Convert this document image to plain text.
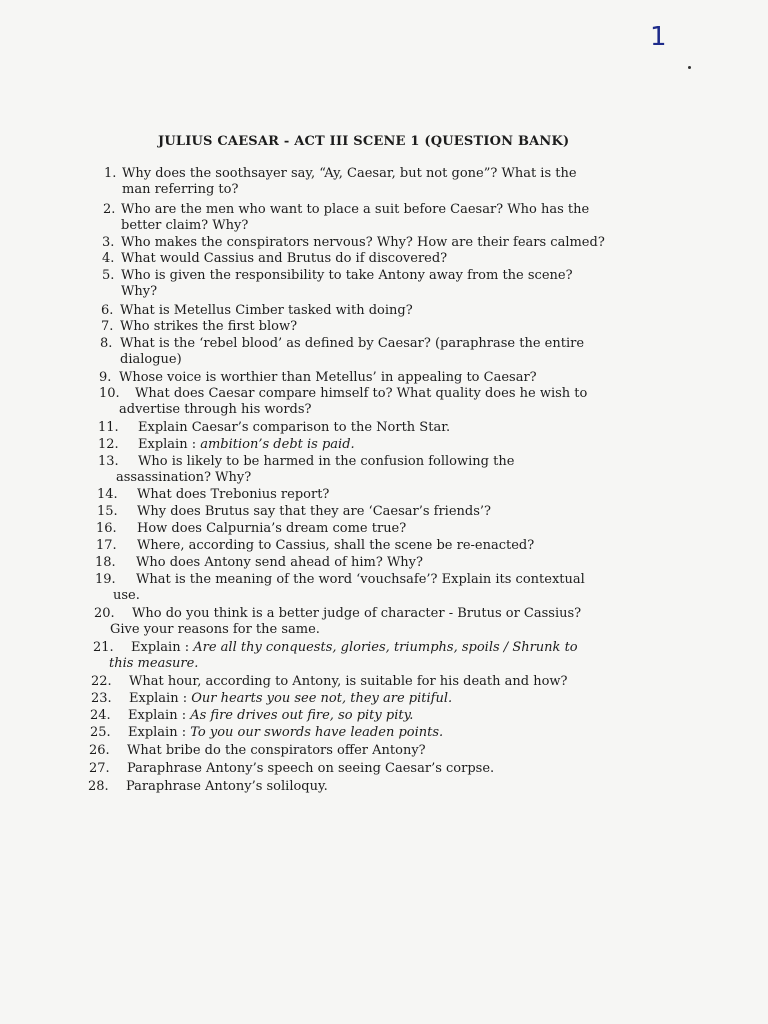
1
JULIUS CAESAR - ACT III SCENE 1 (QUESTION BANK)
1. Why does the soothsayer say, “Ay, Caesar, but not gone”? What is the
man referring to?
2. Who are the men who want to place a suit before Caesar? Who has the
better claim? Why?
3. Who makes the conspirators nervous? Why? How are their fears calmed?
4. What would Cassius and Brutus do if discovered?
5. Who is given the responsibility to take Antony away from the scene?
Why?
6. What is Metellus Cimber tasked with doing?
7. Who strikes the first blow?
8. What is the ‘rebel blood’ as defined by Caesar? (paraphrase the entire
dialogue)
9. Whose voice is worthier than Metellus’ in appealing to Caesar?
10.	What does Caesar compare himself to? What quality does he wish to
advertise through his words?
11.	Explain Caesar’s comparison to the North Star.
12.	Explain : ambition’s debt is paid.
13.	Who is likely to be harmed in the confusion following the
assassination? Why?
14.	What does Trebonius report?
15.	Why does Brutus say that they are ‘Caesar’s friends’?
16.	How does Calpurnia’s dream come true?
17.	Where, according to Cassius, shall the scene be re-enacted?
18.	Who does Antony send ahead of him? Why?
19.	What is the meaning of the word ‘vouchsafe’? Explain its contextual
use.
20.	Who do you think is a better judge of character - Brutus or Cassius?
Give your reasons for the same.
21.	Explain : Are all thy conquests, glories, triumphs, spoils / Shrunk to
this measure.
22.	What hour, according to Antony, is suitable for his death and how?
23.	Explain : Our hearts you see not, they are pitiful.
24.	Explain : As fire drives out fire, so pity pity.
25.	Explain : To you our swords have leaden points.
26.	What bribe do the conspirators offer Antony?
27.	Paraphrase Antony’s speech on seeing Caesar’s corpse.
28.	Paraphrase Antony’s soliloquy.
